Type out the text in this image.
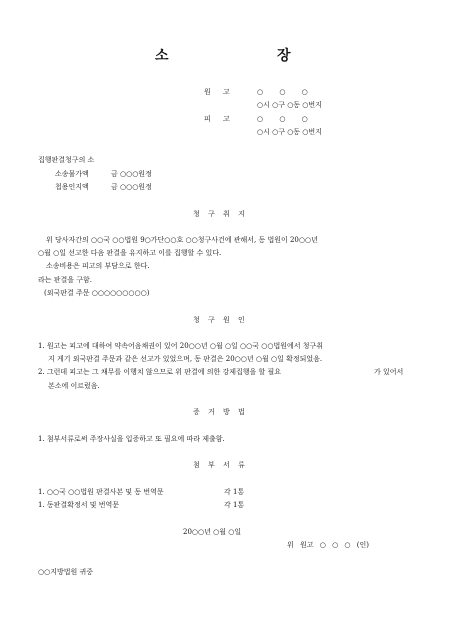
소	장
원 고	○ ○ ○
○시 ○구 ○동 ○번지
피 고	○ ○ ○
○시 ○구 ○동 ○번지
집행판결청구의 소
소송물가액	금 ○○○원정
첩용인지액	금 ○○○원정
청 구 취 지
위 당사자간의 ○○국 ○○법원 9○가단○○호 ○○청구사건에 관해서, 동 법원이 20○○년
○월 ○일 선고한 다음 판결을 유지하고 이를 집행할 수 있다.
소송비용은 피고의 부담으로 한다.
라는 판결을 구함.
(외국판결 주문 ○○○○○○○○○)
청 구 원 인
1. 원고는 피고에 대하여 약속어음채권이 있어 20○○년 ○월 ○일 ○○국 ○○법원에서 청구취
지 게기 외국판결 주문과 같은 선고가 있었으며, 동 판결은 20○○년 ○월 ○일 확정되었음.
2. 그런데 피고는 그 채무를 이행치 않으므로 위 판결에 의한 강제집행을 할 필요	가 있어서
본소에 이르렀음.
증 거 방 법
1. 첨부서류로써 주장사실을 입증하고 또 필요에 따라 제출함.
첨 부 서 류
1. ○○국 ○○법원 판결사본 및 동 번역문	각 1통
1. 동판결확정서 및 번역문	각 1통
20○○년 ○월 ○일
위 원고 ○ ○ ○ (인)
○○지방법원 귀중
